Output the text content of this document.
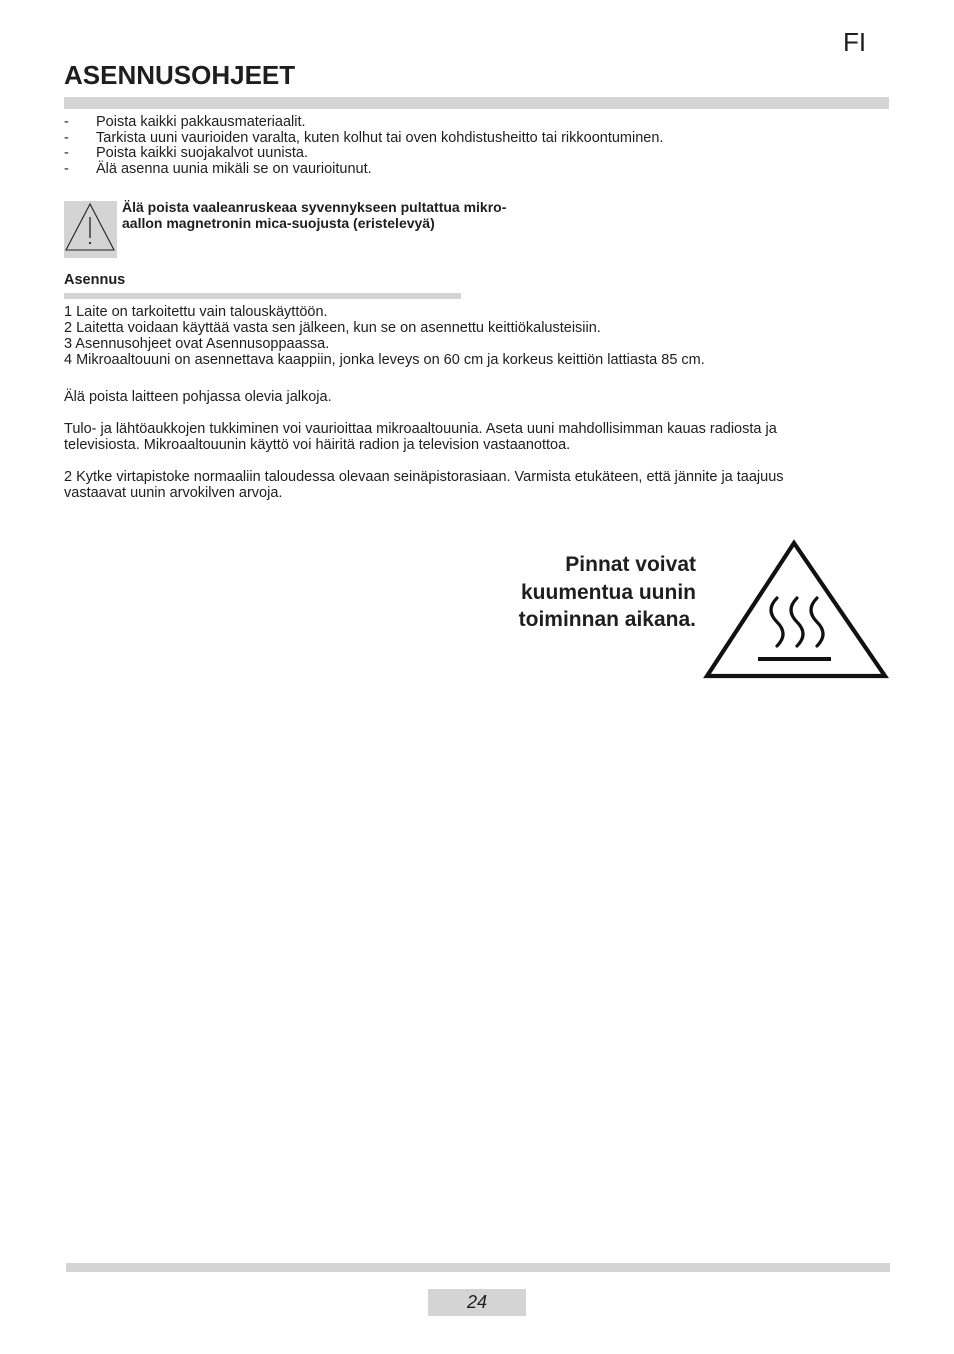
FI
ASENNUSOHJEET
- Poista kaikki pakkausmateriaalit.
- Tarkista uuni vaurioiden varalta, kuten kolhut tai oven kohdistusheitto tai rikkoontuminen.
- Poista kaikki suojakalvot uunista.
- Älä asenna uunia mikäli se on vaurioitunut.
Älä poista vaaleanruskeaa syvennykseen pultattua mikro-
aallon magnetronin mica-suojusta (eristelevyä)
Asennus
1 Laite on tarkoitettu vain talouskäyttöön.
2 Laitetta voidaan käyttää vasta sen jälkeen, kun se on asennettu keittiökalusteisiin.
3 Asennusohjeet ovat Asennusoppaassa.
4 Mikroaaltouuni on asennettava kaappiin, jonka leveys on 60 cm ja korkeus keittiön lattiasta 85 cm.

Älä poista laitteen pohjassa olevia jalkoja.

Tulo- ja lähtöaukkojen tukkiminen voi vaurioittaa mikroaaltouunia. Aseta uuni mahdollisimman kauas radiosta ja
televisiosta. Mikroaaltouunin käyttö voi häiritä radion ja television vastaanottoa.

2 Kytke virtapistoke normaaliin taloudessa olevaan seinäpistorasiaan. Varmista etukäteen, että jännite ja taajuus
vastaavat uunin arvokilven arvoja.

Pinnat voivat
kuumentua uunin
toiminnan aikana.
24
